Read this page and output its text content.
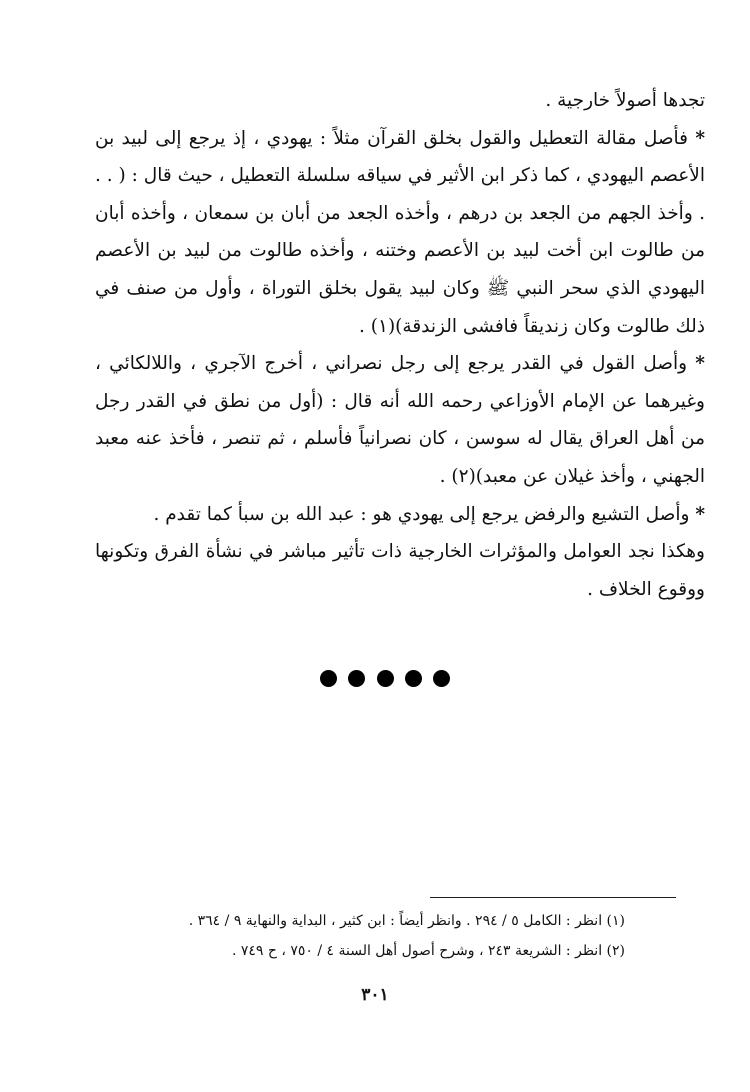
تجدها أصولاً خارجية .

* فأصل مقالة التعطيل والقول بخلق القرآن مثلاً : يهودي ، إذ يرجع إلى لبيد بن الأعصم اليهودي ، كما ذكر ابن الأثير في سياقه سلسلة التعطيل ، حيث قال : ( . . . وأخذ الجهم من الجعد بن درهم ، وأخذه الجعد من أبان بن سمعان ، وأخذه أبان من طالوت ابن أخت لبيد بن الأعصم وختنه ، وأخذه طالوت من لبيد بن الأعصم اليهودي الذي سحر النبي ﷺ وكان لبيد يقول بخلق التوراة ، وأول من صنف في ذلك طالوت وكان زنديقاً فافشى الزندقة)(١) .

* وأصل القول في القدر يرجع إلى رجل نصراني ، أخرج الآجري ، واللالكائي ، وغيرهما عن الإمام الأوزاعي رحمه الله أنه قال : (أول من نطق في القدر رجل من أهل العراق يقال له سوسن ، كان نصرانياً فأسلم ، ثم تنصر ، فأخذ عنه معبد الجهني ، وأخذ غيلان عن معبد)(٢) .

* وأصل التشيع والرفض يرجع إلى يهودي هو : عبد الله بن سبأ كما تقدم .

وهكذا نجد العوامل والمؤثرات الخارجية ذات تأثير مباشر في نشأة الفرق وتكونها ووقوع الخلاف .

(١) انظر : الكامل ٥ / ٢٩٤ . وانظر أيضاً : ابن كثير ، البداية والنهاية ٩ / ٣٦٤ .

(٢) انظر : الشريعة ٢٤٣ ، وشرح أصول أهل السنة ٤ / ٧٥٠ ، ح ٧٤٩ .

٣٠١
